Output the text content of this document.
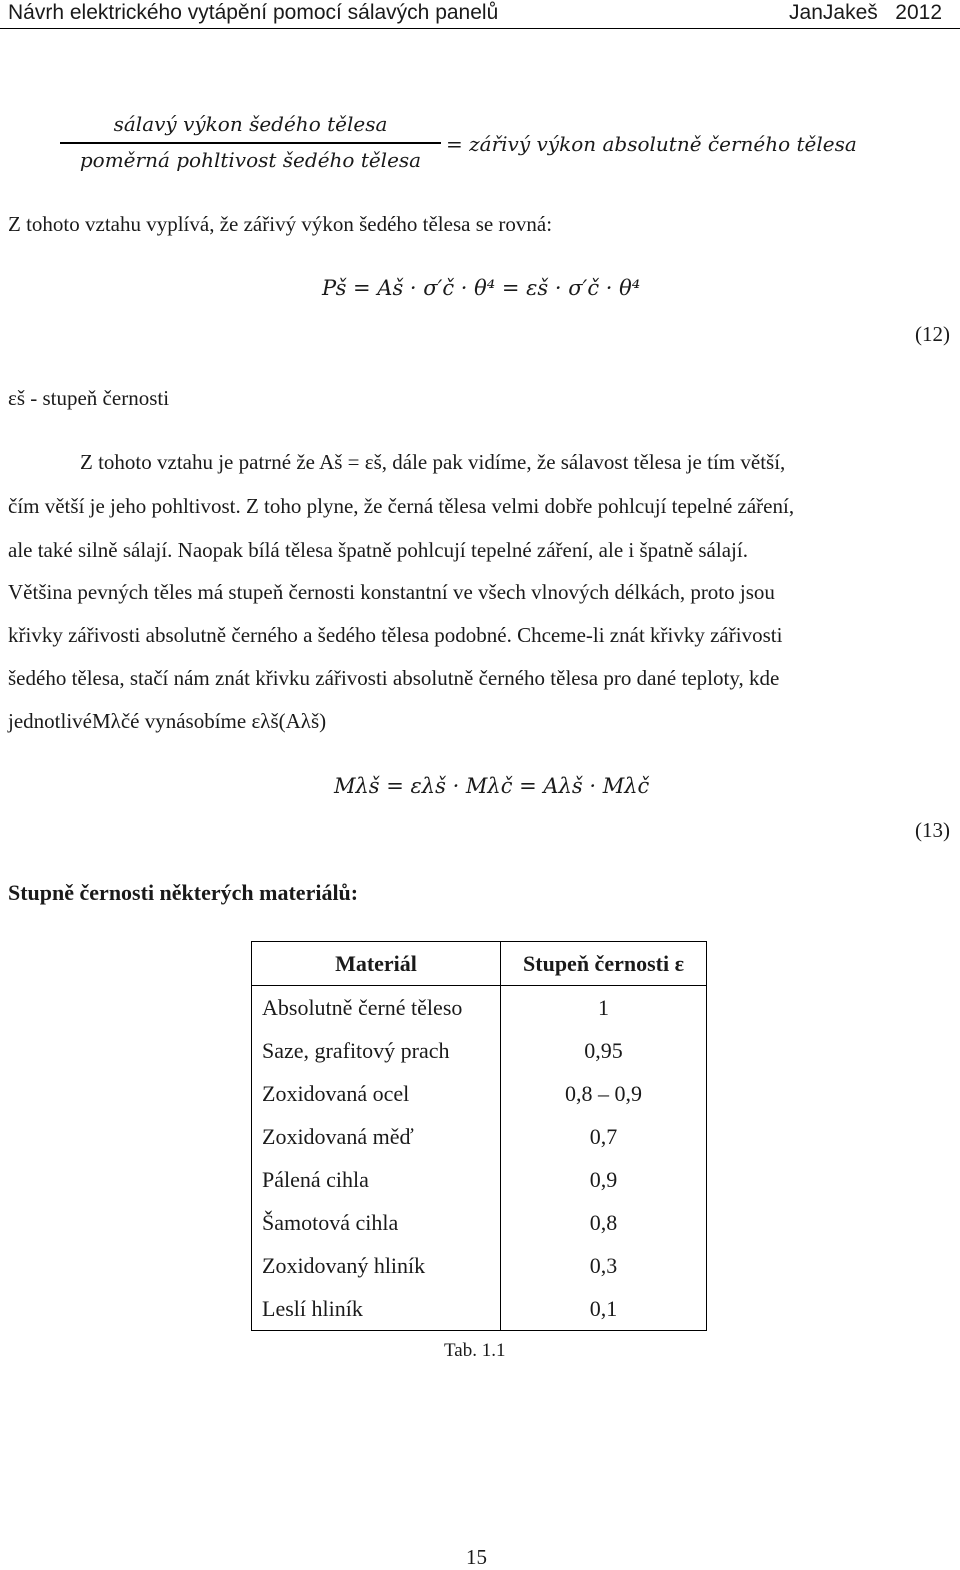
Návrh elektrického vytápění pomocí sálavých panelů	JanJakeš 2012
sálavý výkon šedého tělesa
poměrná pohltivost šedého tělesa
= zářivý výkon absolutně černého tělesa
Z tohoto vztahu vyplívá, že zářivý výkon šedého tělesa se rovná:
Pš = Aš · σ′č · θ⁴ = εš · σ′č · θ⁴
(12)
εš - stupeň černosti
Z tohoto vztahu je patrné že Aš = εš, dále pak vidíme, že sálavost tělesa je tím větší,
čím větší je jeho pohltivost. Z toho plyne, že černá tělesa velmi dobře pohlcují tepelné záření,
ale také silně sálají. Naopak bílá tělesa špatně pohlcují tepelné záření, ale i špatně sálají.
Většina pevných těles má stupeň černosti konstantní ve všech vlnových délkách, proto jsou
křivky zářivosti absolutně černého a šedého tělesa podobné. Chceme-li znát křivky zářivosti
šedého tělesa, stačí nám znát křivku zářivosti absolutně černého tělesa pro dané teploty, kde
jednotlivéMλčé vynásobíme ελš(Aλš)
Mλš = ελš · Mλč = Aλš · Mλč
(13)
Stupně černosti některých materiálů:
Materiál	Stupeň černosti ε
Absolutně černé těleso	1
Saze, grafitový prach	0,95
Zoxidovaná ocel	0,8 – 0,9
Zoxidovaná měď	0,7
Pálená cihla	0,9
Šamotová cihla	0,8
Zoxidovaný hliník	0,3
Leslí hliník	0,1
Tab. 1.1
15
